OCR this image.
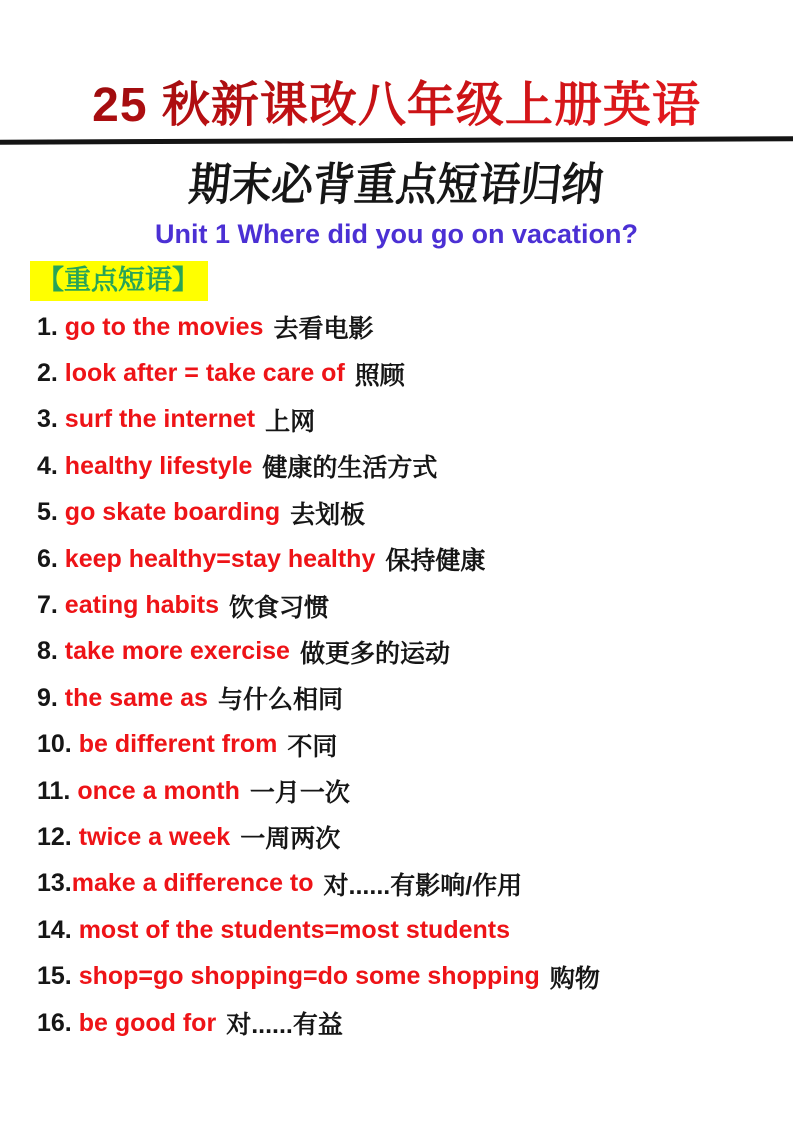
25 秋新课改八年级上册英语
期末必背重点短语归纳
Unit 1 Where did you go on vacation?
【重点短语】
1. go to the movies 去看电影
2. look after = take care of 照顾
3. surf the internet 上网
4. healthy lifestyle 健康的生活方式
5. go skate boarding 去划板
6. keep healthy=stay healthy 保持健康
7. eating habits 饮食习惯
8. take more exercise 做更多的运动
9. the same as 与什么相同
10. be different from 不同
11. once a month 一月一次
12. twice a week 一周两次
13. make a difference to 对......有影响/作用
14. most of the students=most students
15. shop=go shopping=do some shopping 购物
16. be good for 对......有益
